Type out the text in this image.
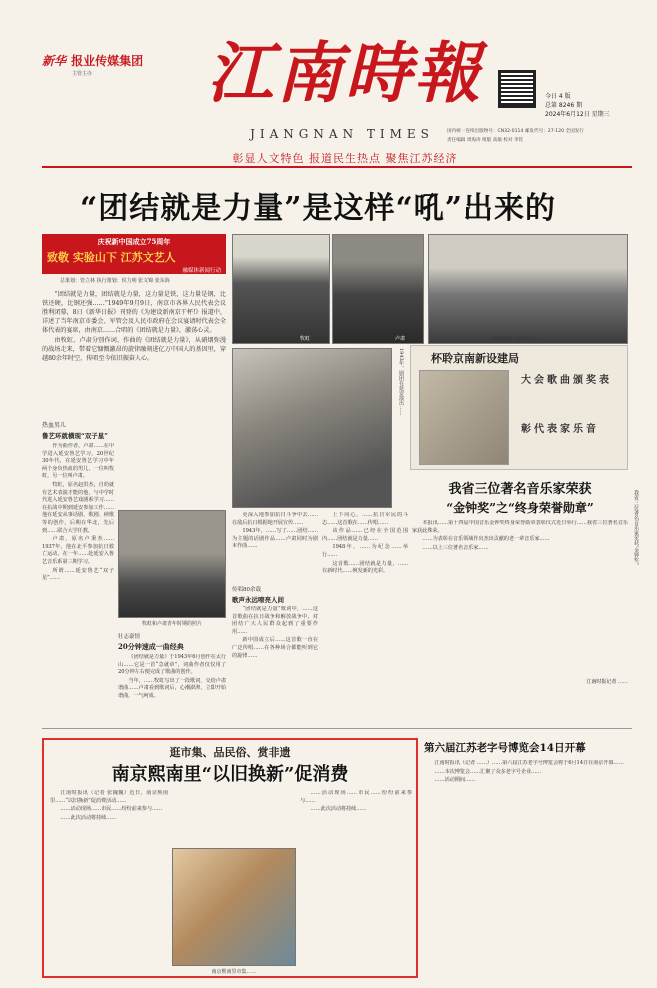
新华 报业传媒集团
主管主办	江南時報
JIANGNAN TIMES
今日 4 版
总第 8246 期
2024年6月12日 星期三
国内统一连续出版物号：CN32-0114 邮发代号：27-120 全国发行
责任编辑 周海涛 组版 高敏 校对 李钦
彰显人文特色 报道民生热点 聚焦江苏经济
“团结就是力量”是这样“吼”出来的
庆祝新中国成立75周年
致敬 实验山下 江苏文艺人
融媒体新闻行动
总策划：管立林 执行策划：侯力明 张文锦 张东海

“团结就是力量，团结就是力量，这力量是铁，这力量是钢，比铁还硬，比钢还强……”1949年9月9日，南京市各界人民代表会议胜利闭幕，8日《新华日报》刊登的《为建设新南京干杯!》报道中，详述了当年南京市委会、军管会及人民市政府在会议宴请时代表会全体代表的宴席，由南京……合唱的《团结就是力量》，激荡心灵。

由牧虹、卢肃分别作词、作曲的《团结就是力量》，从硝烟弥漫的战场走来，带着它慷慨激昂的旋律融刻进亿万中国人的基因里，穿越80余年时空，传唱至今依旧振奋人心。

牧虹	卢肃	旧时期牧虹与原和乐团……
1943年，剧团在延安演出…… 杯聆京南新设建局
大 会 歌 曲 颁 奖 表
彰 代 表 家 乐 音
我省三位著名音乐家荣获“金钟奖”
热血男儿
鲁艺环就横现“双子星”

作为曲作者，卢肃……在中学进入延安鲁艺学习，20世纪30年代，在延安鲁艺学习中年两个身负热血的男儿，一位叫牧虹，另一位叫卢肃。

牧虹，原名赵洪杰，自幼就有艺术表演才能的他，与中学时代进入延安鲁艺戏剧系学习……在抗战中期到延安参加工作……他在延安从事话剧、歌剧、秧歌等的创作，后期在华北，先后到……联合大学任教。

卢肃，原名卢秉杰……1937年，他在北平参加抗日救亡运动，在一年……赴延安入鲁艺音乐系第三期学习。

所谓……延安鲁艺“双子星”……

牧虹和卢肃青年时期的照片
壮志豪情
20分钟速成一曲经典

《团结就是力量》于1943年6月创作在太行山……它是一首“急就章”，词曲作者仅仅用了20分钟左右便完成了歌曲的创作。

当年，……牧虹写出了一段歌词，交给卢肃谱曲……卢肃看到歌词后，心潮澎湃，立即开始谱曲，一气呵成。

更深入地参加抗日斗争中去……在敌后抗日根据地开展宣传……

1943年，……写了……团结……为主题的话剧作品……卢肃同时为剧本作曲……

传唱80余载
歌声永远嘹亮人间

“团结就是力量”歌词中，……这首歌曲在抗日战争和解放战争中，对团结广大人民群众起到了重要作用……

新中国成立后……这首歌一直在广泛传唱……在各种场合都能听到它的旋律……

上下同心，……抗日军民的斗志……这首歌在……传唱……

该作品……已经在全国范围内……团结就是力量……

1948年，……为纪念……举行……

这首歌……团结就是力量，……在新时代……焕发新的光彩。

我省三位著名音乐家荣获
“金钟奖”之“终身荣誉勋章”

本报讯……第十四届中国音乐金钟奖终身荣誉勋章表彰仪式近日举行……我省三位著名音乐家获此殊荣。

……为表彰在音乐领域作出杰出贡献的老一辈音乐家……

……以上三位著名音乐家……

江南时报记者 ……
逛市集、品民俗、赏非遗
南京熙南里“以旧换新”促消费

江南时报讯（记者 张魏魏）近日，南京熙南里……“以旧换新”促消费活动……

……活动现场……市民……纷纷前来参与……

……此次活动将持续……

南京熙南里市集……

……活动现场……市民……纷纷前来参与……

……此次活动将持续……

第六届江苏老字号博览会14日开幕

江南时报讯（记者 ……）……第六届江苏老字号博览会将于6月14日在南京开幕……

……本次博览会……汇聚了众多老字号企业……

……活动期间……
